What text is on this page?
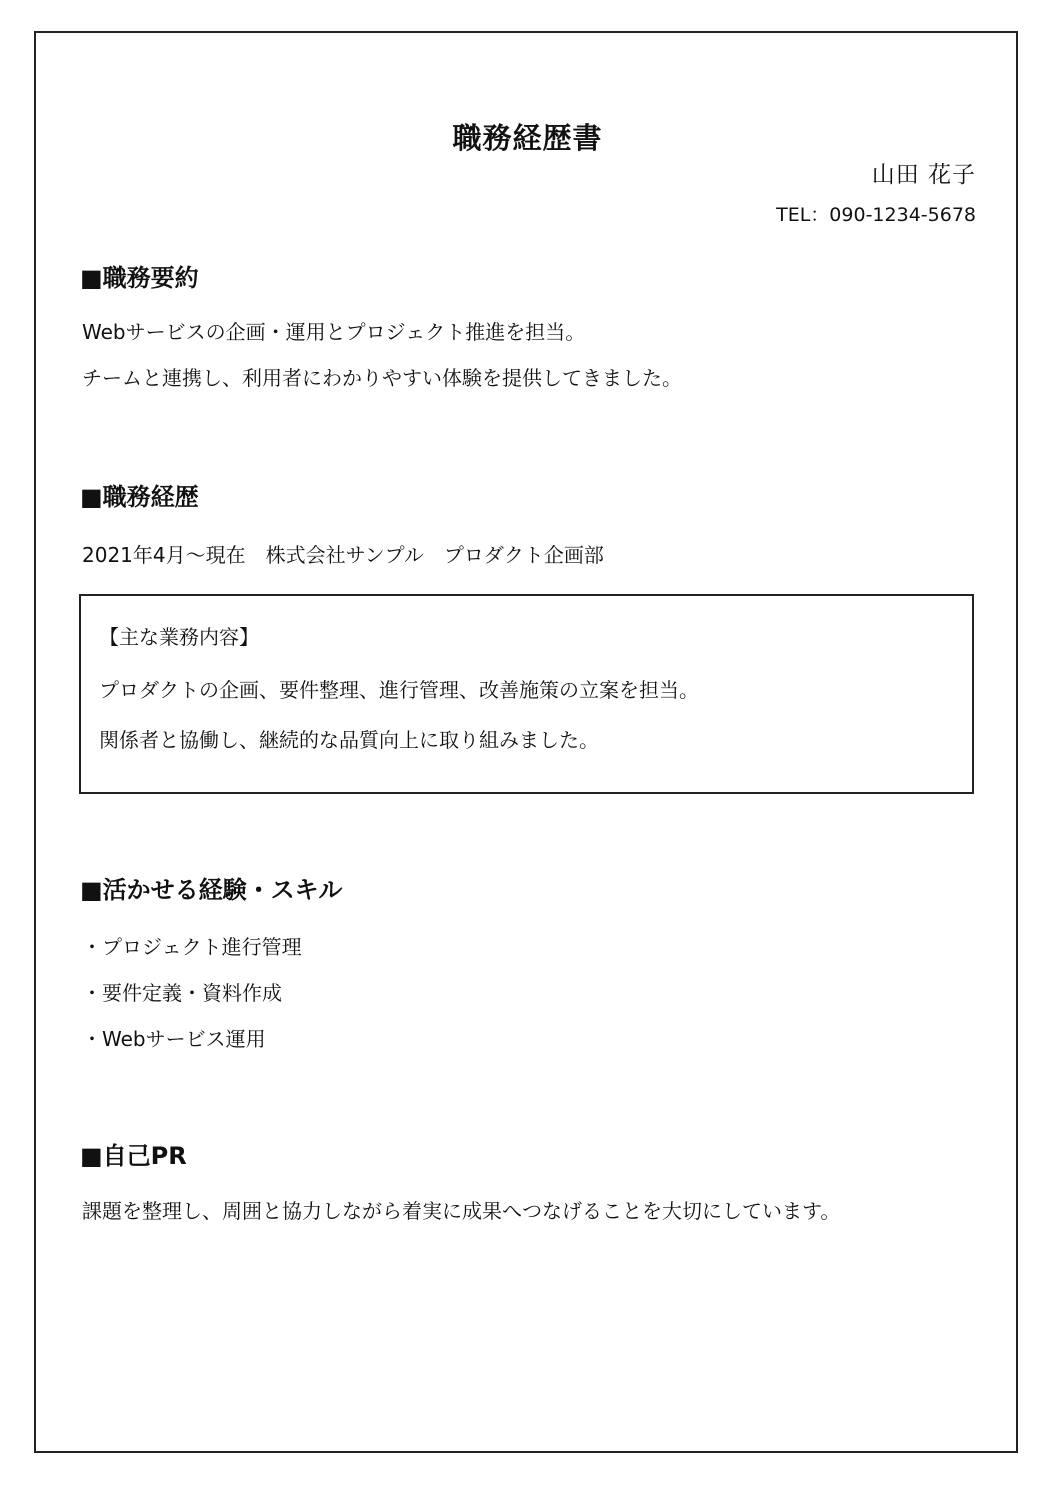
職務経歴書
山田 花子
TEL：090-1234-5678
■職務要約
Webサービスの企画・運用とプロジェクト推進を担当。
チームと連携し、利用者にわかりやすい体験を提供してきました。
■職務経歴
2021年4月～現在　株式会社サンプル　プロダクト企画部
【主な業務内容】
プロダクトの企画、要件整理、進行管理、改善施策の立案を担当。
関係者と協働し、継続的な品質向上に取り組みました。
■活かせる経験・スキル
・プロジェクト進行管理
・要件定義・資料作成
・Webサービス運用
■自己PR
課題を整理し、周囲と協力しながら着実に成果へつなげることを大切にしています。
